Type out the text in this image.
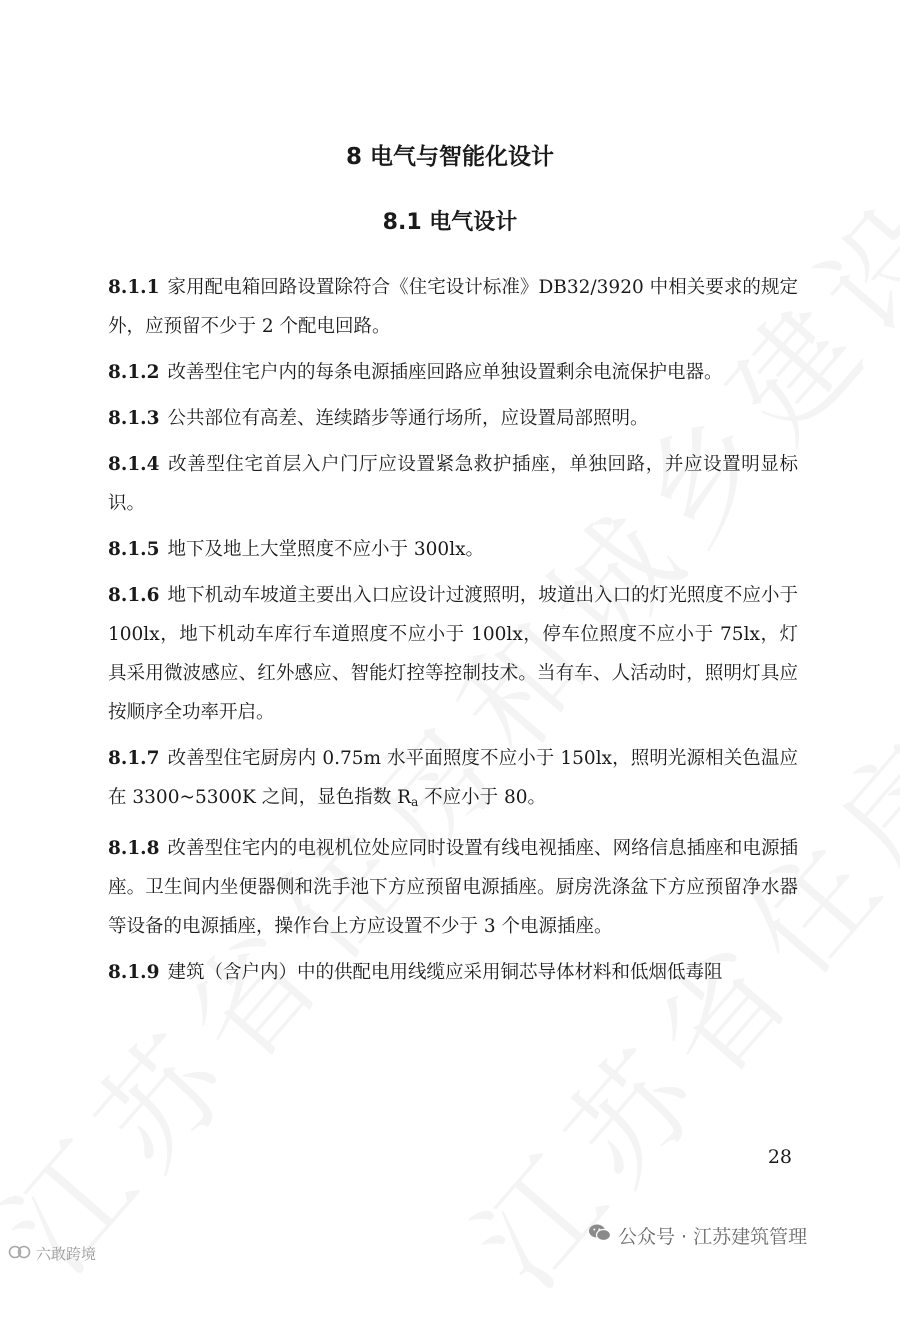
8 电气与智能化设计
8.1 电气设计

8.1.1 家用配电箱回路设置除符合《住宅设计标准》DB32/3920 中相关要求的规定外，应预留不少于 2 个配电回路。

8.1.2 改善型住宅户内的每条电源插座回路应单独设置剩余电流保护电器。

8.1.3 公共部位有高差、连续踏步等通行场所，应设置局部照明。

8.1.4 改善型住宅首层入户门厅应设置紧急救护插座，单独回路，并应设置明显标识。

8.1.5 地下及地上大堂照度不应小于 300lx。

8.1.6 地下机动车坡道主要出入口应设计过渡照明，坡道出入口的灯光照度不应小于 100lx，地下机动车库行车道照度不应小于 100lx，停车位照度不应小于 75lx，灯具采用微波感应、红外感应、智能灯控等控制技术。当有车、人活动时，照明灯具应按顺序全功率开启。

8.1.7 改善型住宅厨房内 0.75m 水平面照度不应小于 150lx，照明光源相关色温应在 3300~5300K 之间，显色指数 $R_a$ 不应小于 80。

8.1.8 改善型住宅内的电视机位处应同时设置有线电视插座、网络信息插座和电源插座。卫生间内坐便器侧和洗手池下方应预留电源插座。厨房洗涤盆下方应预留净水器等设备的电源插座，操作台上方应设置不少于 3 个电源插座。

8.1.9 建筑（含户内）中的供配电用线缆应采用铜芯导体材料和低烟低毒阻

28
公众号 · 江苏建筑管理
六敢跨境
